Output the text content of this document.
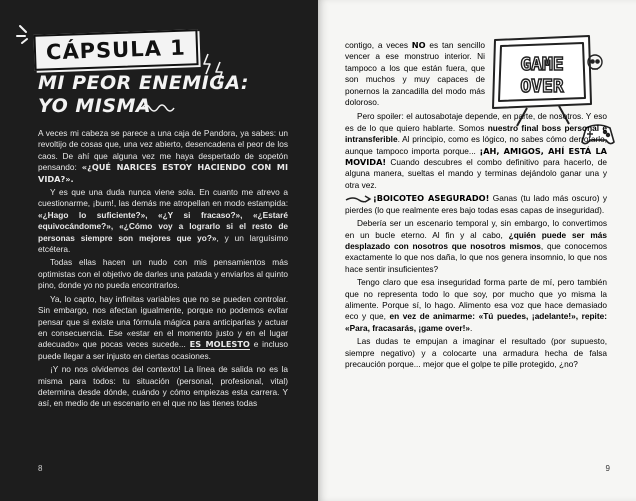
CÁPSULA 1
MI PEOR ENEMIGA:
YO MISMA

A veces mi cabeza se parece a una caja de Pandora, ya sabes: un revoltijo de cosas que, una vez abierto, desencadena el peor de los caos. De ahí que alguna vez me haya despertado de sopetón pensando: «¿QUÉ NARICES ESTOY HACIENDO CON MI VIDA?».

Y es que una duda nunca viene sola. En cuanto me atrevo a cuestionarme, ¡bum!, las demás me atropellan en modo estampida: «¿Hago lo suficiente?», «¿Y si fracaso?», «¿Estaré equivocándome?», «¿Cómo voy a lograrlo si el resto de personas siempre son mejores que yo?», y un larguísimo etcétera.

Todas ellas hacen un nudo con mis pensamientos más optimistas con el objetivo de darles una patada y enviarlos al quinto pino, donde yo no pueda encontrarlos.

Ya, lo capto, hay infinitas variables que no se pueden controlar. Sin embargo, nos afectan igualmente, porque no podemos evitar pensar que si existe una fórmula mágica para anticiparlas y actuar en consecuencia. Ese «estar en el momento justo y en el lugar adecuado» que pocas veces sucede... ES MOLESTO e incluso puede llegar a ser injusto en ciertas ocasiones.

¡Y no nos olvidemos del contexto! La línea de salida no es la misma para todos: tu situación (personal, profesional, vital) determina desde dónde, cuándo y cómo empiezas esta carrera. Y así, en medio de un escenario en el que no las tienes todas

8	9
GAME
OVER

contigo, a veces NO es tan sencillo vencer a ese monstruo interior. Ni tampoco a los que están fuera, que son muchos y muy capaces de ponernos la zancadilla del modo más doloroso.

Pero spoiler: el autosabotaje depende, en parte, de nosotros. Y eso es de lo que quiero hablarte. Somos nuestro final boss personal e intransferible. Al principio, como es lógico, no sabes cómo derrotarlo, aunque tampoco importa porque... ¡AH, AMIGOS, AHÍ ESTÁ LA MOVIDA! Cuando descubres el combo definitivo para hacerlo, de alguna manera, sueltas el mando y terminas dejándolo ganar una y otra vez.

¡BOICOTEO ASEGURADO! Ganas (tu lado más oscuro) y pierdes (lo que realmente eres bajo todas esas capas de inseguridad).

Debería ser un escenario temporal y, sin embargo, lo convertimos en un bucle eterno. Al fin y al cabo, ¿quién puede ser más desplazado con nosotros que nosotros mismos, que conocemos exactamente lo que nos daña, lo que nos genera insomnio, lo que nos hace sentir insuficientes?

Tengo claro que esa inseguridad forma parte de mí, pero también que no representa todo lo que soy, por mucho que yo misma la alimente. Porque sí, lo hago. Alimento esa voz que hace demasiado eco y que, en vez de animarme: «Tú puedes, ¡adelante!», repite: «Para, fracasarás, ¡game over!».

Las dudas te empujan a imaginar el resultado (por supuesto, siempre negativo) y a colocarte una armadura hecha de falsa precaución porque... mejor que el golpe te pille protegido, ¿no?
